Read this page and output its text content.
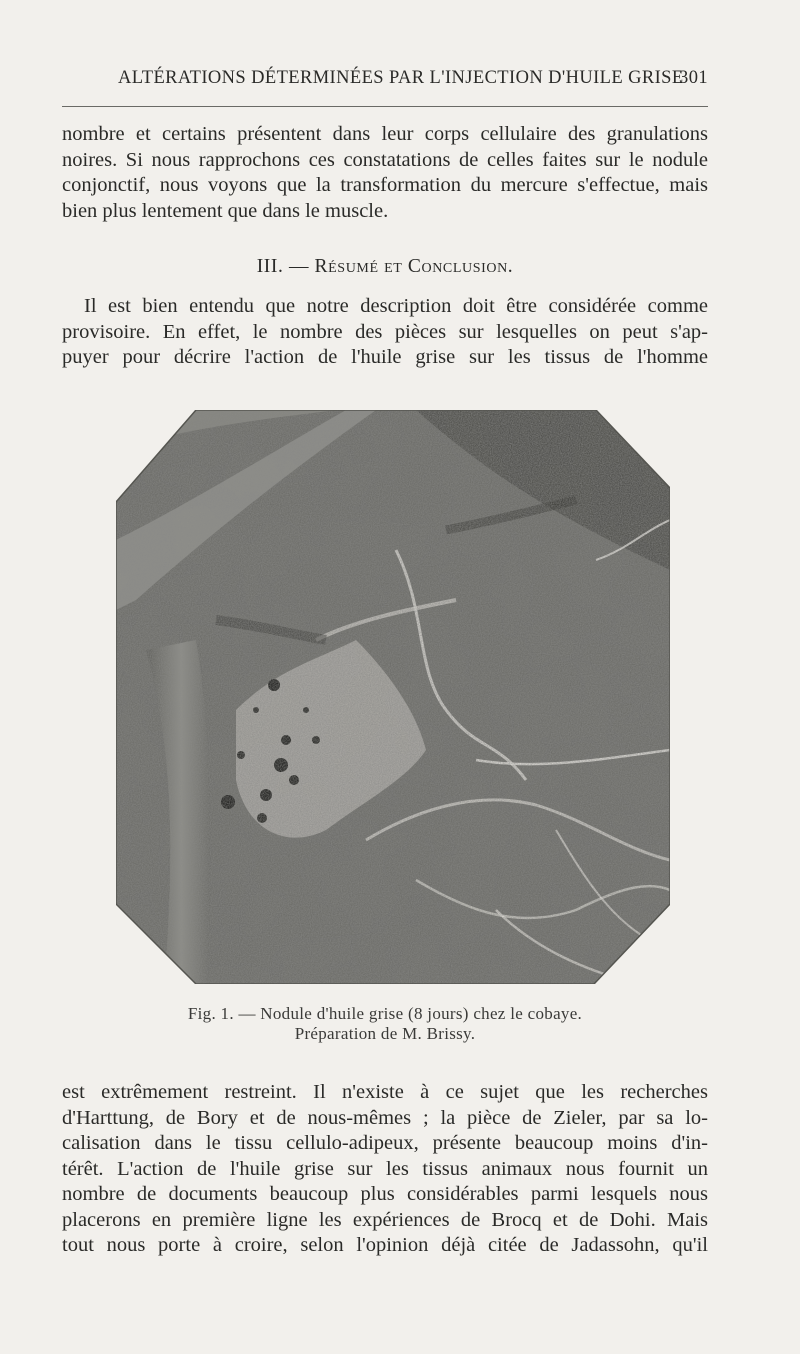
ALTÉRATIONS DÉTERMINÉES PAR L'INJECTION D'HUILE GRISE
301

nombre et certains présentent dans leur corps cellulaire des granulations
noires. Si nous rapprochons ces constatations de celles faites sur le nodule
conjonctif, nous voyons que la transformation du mercure s'effectue, mais
bien plus lentement que dans le muscle.

III. — Résumé et Conclusion.

Il est bien entendu que notre description doit être considérée comme
provisoire. En effet, le nombre des pièces sur lesquelles on peut s'ap-
puyer pour décrire l'action de l'huile grise sur les tissus de l'homme

Fig. 1. — Nodule d'huile grise (8 jours) chez le cobaye.
Préparation de M. Brissy.

est extrêmement restreint. Il n'existe à ce sujet que les recherches
d'Harttung, de Bory et de nous-mêmes ; la pièce de Zieler, par sa lo-
calisation dans le tissu cellulo-adipeux, présente beaucoup moins d'in-
térêt. L'action de l'huile grise sur les tissus animaux nous fournit un
nombre de documents beaucoup plus considérables parmi lesquels nous
placerons en première ligne les expériences de Brocq et de Dohi. Mais
tout nous porte à croire, selon l'opinion déjà citée de Jadassohn, qu'il
